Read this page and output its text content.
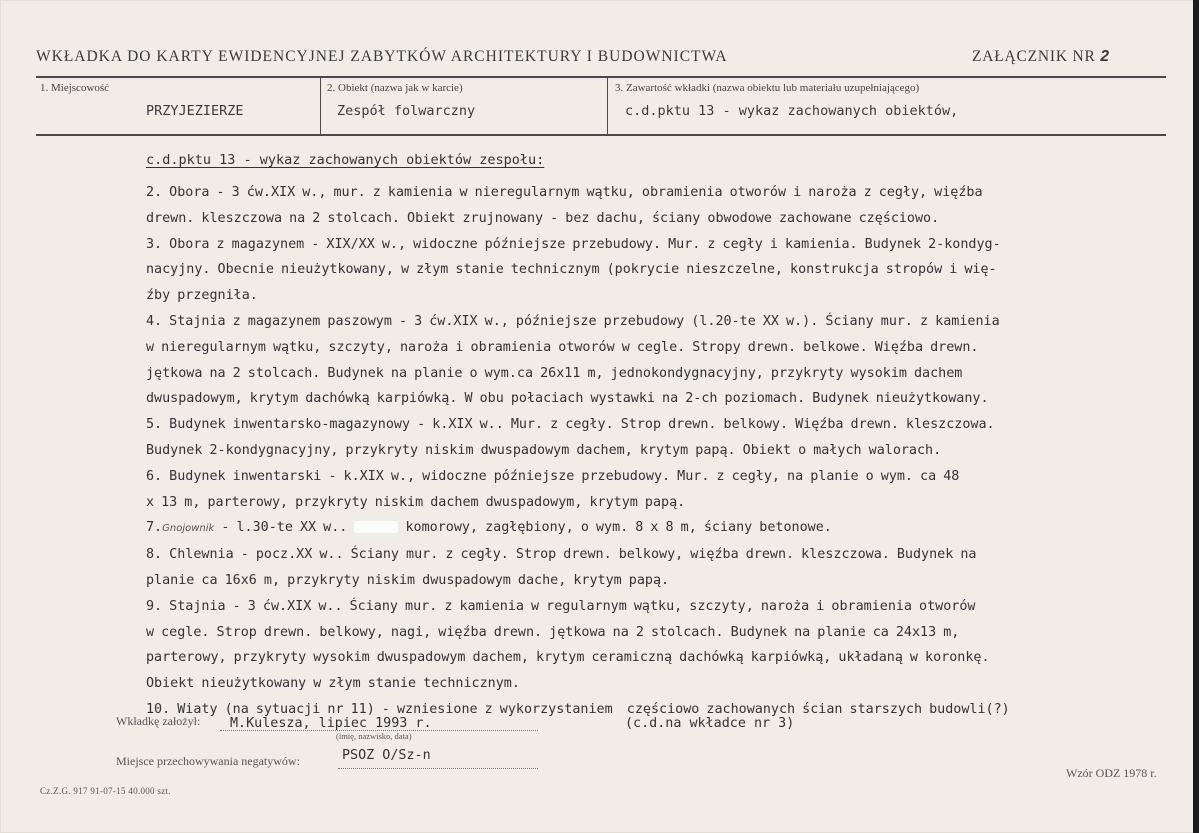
WKŁADKA DO KARTY EWIDENCYJNEJ ZABYTKÓW ARCHITEKTURY I BUDOWNICTWA	ZAŁĄCZNIK NR 2
1. Miejscowość
PRZYJEZIERZE
2. Obiekt (nazwa jak w karcie)
Zespół folwarczny
3. Zawartość wkładki (nazwa obiektu lub materiału uzupełniającego)
c.d.pktu 13 - wykaz zachowanych obiektów,
c.d.pktu 13 - wykaz zachowanych obiektów zespołu:
2. Obora - 3 ćw.XIX w., mur. z kamienia w nieregularnym wątku, obramienia otworów i naroża z cegły, więźba
drewn. kleszczowa na 2 stolcach. Obiekt zrujnowany - bez dachu, ściany obwodowe zachowane częściowo.
3. Obora z magazynem - XIX/XX w., widoczne późniejsze przebudowy. Mur. z cegły i kamienia. Budynek 2-kondyg-
nacyjny. Obecnie nieużytkowany, w złym stanie technicznym (pokrycie nieszczelne, konstrukcja stropów i wię-
źby przegniła.
4. Stajnia z magazynem paszowym - 3 ćw.XIX w., późniejsze przebudowy (l.20-te XX w.). Ściany mur. z kamienia
w nieregularnym wątku, szczyty, naroża i obramienia otworów w cegle. Stropy drewn. belkowe. Więźba drewn.
jętkowa na 2 stolcach. Budynek na planie o wym.ca 26x11 m, jednokondygnacyjny, przykryty wysokim dachem
dwuspadowym, krytym dachówką karpiówką. W obu połaciach wystawki na 2-ch poziomach. Budynek nieużytkowany.
5. Budynek inwentarsko-magazynowy - k.XIX w.. Mur. z cegły. Strop drewn. belkowy. Więźba drewn. kleszczowa.
Budynek 2-kondygnacyjny, przykryty niskim dwuspadowym dachem, krytym papą. Obiekt o małych walorach.
6. Budynek inwentarski - k.XIX w., widoczne późniejsze przebudowy. Mur. z cegły, na planie o wym. ca 48
x 13 m, parterowy, przykryty niskim dachem dwuspadowym, krytym papą.
7.Gnojownik - l.30-te XX w..	komorowy, zagłębiony, o wym. 8 x 8 m, ściany betonowe.
8. Chlewnia - pocz.XX w.. Ściany mur. z cegły. Strop drewn. belkowy, więźba drewn. kleszczowa. Budynek na
planie ca 16x6 m, przykryty niskim dwuspadowym dache, krytym papą.
9. Stajnia - 3 ćw.XIX w.. Ściany mur. z kamienia w regularnym wątku, szczyty, naroża i obramienia otworów
w cegle. Strop drewn. belkowy, nagi, więźba drewn. jętkowa na 2 stolcach. Budynek na planie ca 24x13 m,
parterowy, przykryty wysokim dwuspadowym dachem, krytym ceramiczną dachówką karpiówką, układaną w koronkę.
Obiekt nieużytkowany w złym stanie technicznym.
10. Wiaty (na sytuacji nr 11) - wzniesione z wykorzystaniem  częściowo zachowanych ścian starszych budowli(?)
Wkładkę założył: M.Kulesza, lipiec 1993 r.
(imię, nazwisko, data)
(c.d.na wkładce nr 3)
Miejsce przechowywania negatywów:	PSOZ O/Sz-n
Wzór ODZ 1978 r.
Cz.Z.G. 917 91-07-15 40.000 szt.
